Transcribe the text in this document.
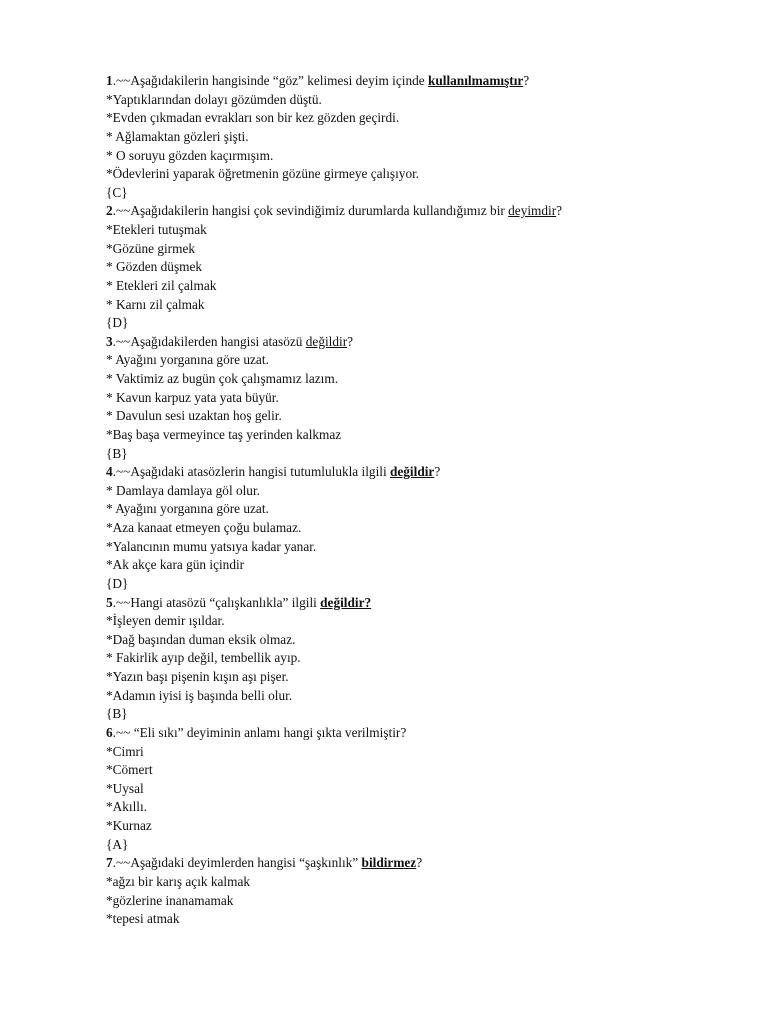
1.~~Aşağıdakilerin hangisinde “göz” kelimesi deyim içinde kullanılmamıştır?
*Yaptıklarından dolayı gözümden düştü.
*Evden çıkmadan evrakları son bir kez gözden geçirdi.
* Ağlamaktan gözleri şişti.
* O soruyu gözden kaçırmışım.
*Ödevlerini yaparak öğretmenin gözüne girmeye çalışıyor.
{C}
2.~~Aşağıdakilerin hangisi çok sevindiğimiz durumlarda kullandığımız bir deyimdir?
*Etekleri tutuşmak
*Gözüne girmek
* Gözden düşmek
* Etekleri zil çalmak
* Karnı zil çalmak
{D}
3.~~Aşağıdakilerden hangisi atasözü değildir?
* Ayağını yorganına göre uzat.
* Vaktimiz az bugün çok çalışmamız lazım.
* Kavun karpuz yata yata büyür.
* Davulun sesi uzaktan hoş gelir.
*Baş başa vermeyince taş yerinden kalkmaz
{B}
4.~~Aşağıdaki atasözlerin hangisi tutumlulukla ilgili değildir?
* Damlaya damlaya göl olur.
* Ayağını yorganına göre uzat.
*Aza kanaat etmeyen çoğu bulamaz.
*Yalancının mumu yatsıya kadar yanar.
*Ak akçe kara gün içindir
{D}
5.~~Hangi atasözü “çalışkanlıkla” ilgili değildir?
*İşleyen demir ışıldar.
*Dağ başından duman eksik olmaz.
* Fakirlik ayıp değil, tembellik ayıp.
*Yazın başı pişenin kışın aşı pişer.
*Adamın iyisi iş başında belli olur.
{B}
6.~~ “Eli sıkı” deyiminin anlamı hangi şıkta verilmiştir?
*Cimri
*Cömert
*Uysal
*Akıllı.
*Kurnaz
{A}
7.~~Aşağıdaki deyimlerden hangisi “şaşkınlık” bildirmez?
*ağzı bir karış açık kalmak
*gözlerine inanamamak
*tepesi atmak
